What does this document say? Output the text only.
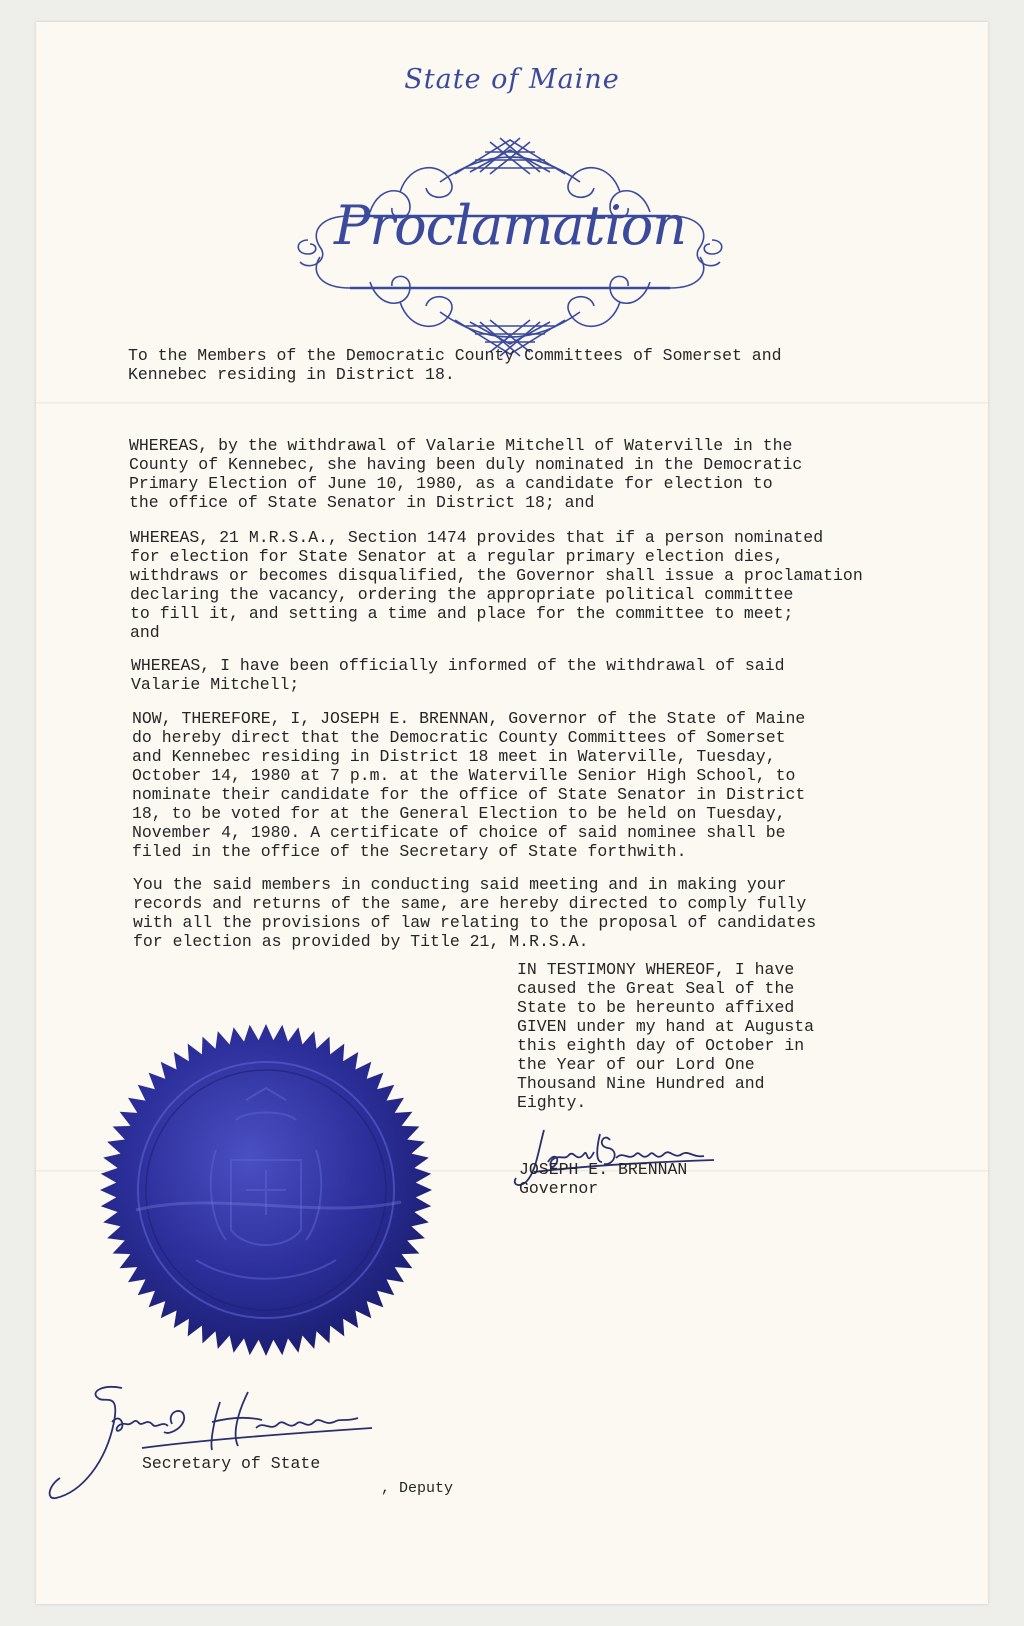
State of Maine
Proclamation
To the Members of the Democratic County Committees of Somerset and
Kennebec residing in District 18.
WHEREAS, by the withdrawal of Valarie Mitchell of Waterville in the
County of Kennebec, she having been duly nominated in the Democratic
Primary Election of June 10, 1980, as a candidate for election to
the office of State Senator in District 18; and
WHEREAS, 21 M.R.S.A., Section 1474 provides that if a person nominated
for election for State Senator at a regular primary election dies,
withdraws or becomes disqualified, the Governor shall issue a proclamation
declaring the vacancy, ordering the appropriate political committee
to fill it, and setting a time and place for the committee to meet;
and
WHEREAS, I have been officially informed of the withdrawal of said
Valarie Mitchell;
NOW, THEREFORE, I, JOSEPH E. BRENNAN, Governor of the State of Maine
do hereby direct that the Democratic County Committees of Somerset
and Kennebec residing in District 18 meet in Waterville, Tuesday,
October 14, 1980 at 7 p.m. at the Waterville Senior High School, to
nominate their candidate for the office of State Senator in District
18, to be voted for at the General Election to be held on Tuesday,
November 4, 1980. A certificate of choice of said nominee shall be
filed in the office of the Secretary of State forthwith.
You the said members in conducting said meeting and in making your
records and returns of the same, are hereby directed to comply fully
with all the provisions of law relating to the proposal of candidates
for election as provided by Title 21, M.R.S.A.
IN TESTIMONY WHEREOF, I have
caused the Great Seal of the
State to be hereunto affixed
GIVEN under my hand at Augusta
this eighth day of October in
the Year of our Lord One
Thousand Nine Hundred and
Eighty.
JOSEPH E. BRENNAN
Governor
, Deputy
Secretary of State
